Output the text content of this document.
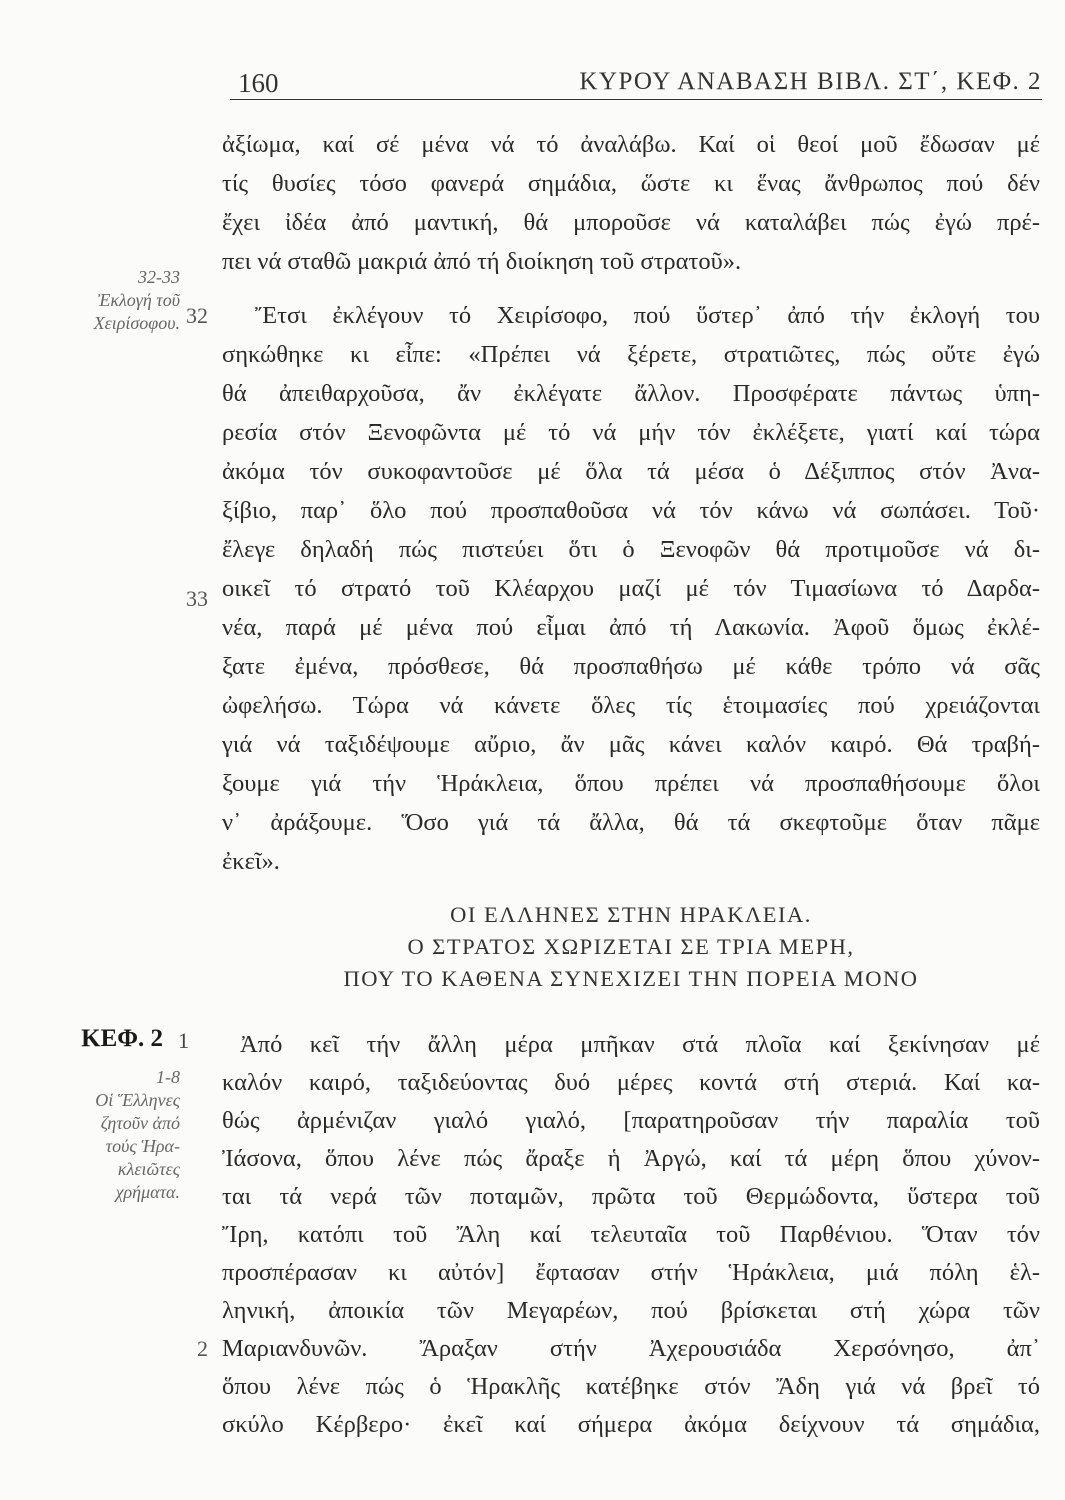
160	ΚΥΡΟΥ ΑΝΑΒΑΣΗ ΒΙΒΛ. ΣΤ΄, ΚΕΦ. 2
ἀξίωμα, καί σέ μένα νά τό ἀναλάβω. Καί οἱ θεοί μοῦ ἔδωσαν μέ
τίς θυσίες τόσο φανερά σημάδια, ὥστε κι ἕνας ἄνθρωπος πού δέν
ἔχει ἰδέα ἀπό μαντική, θά μποροῦσε νά καταλάβει πώς ἐγώ πρέ-
πει νά σταθῶ μακριά ἀπό τή διοίκηση τοῦ στρατοῦ».
32-33
Ἐκλογή τοῦ
Χειρίσοφου. 32 Ἔτσι ἐκλέγουν τό Χειρίσοφο, πού ὕστερ᾽ ἀπό τήν ἐκλογή του
σηκώθηκε κι εἶπε: «Πρέπει νά ξέρετε, στρατιῶτες, πώς οὔτε ἐγώ
θά ἀπειθαρχοῦσα, ἄν ἐκλέγατε ἄλλον. Προσφέρατε πάντως ὑπη-
ρεσία στόν Ξενοφῶντα μέ τό νά μήν τόν ἐκλέξετε, γιατί καί τώρα
ἀκόμα τόν συκοφαντοῦσε μέ ὅλα τά μέσα ὁ Δέξιππος στόν Ἀνα-
ξίβιο, παρ᾽ ὅλο πού προσπαθοῦσα νά τόν κάνω νά σωπάσει. Τοῦ·
ἔλεγε δηλαδή πώς πιστεύει ὅτι ὁ Ξενοφῶν θά προτιμοῦσε νά δι-
οικεῖ τό στρατό τοῦ Κλέαρχου μαζί μέ τόν Τιμασίωνα τό Δαρδα-
33
νέα, παρά μέ μένα πού εἶμαι ἀπό τή Λακωνία. Ἀφοῦ ὅμως ἐκλέ-
ξατε ἐμένα, πρόσθεσε, θά προσπαθήσω μέ κάθε τρόπο νά σᾶς
ὠφελήσω. Τώρα νά κάνετε ὅλες τίς ἑτοιμασίες πού χρειάζονται
γιά νά ταξιδέψουμε αὔριο, ἄν μᾶς κάνει καλόν καιρό. Θά τραβή-
ξουμε γιά τήν Ἡράκλεια, ὅπου πρέπει νά προσπαθήσουμε ὅλοι
ν᾽ ἀράξουμε. Ὅσο γιά τά ἄλλα, θά τά σκεφτοῦμε ὅταν πᾶμε
ἐκεῖ».
ΟΙ ΕΛΛΗΝΕΣ ΣΤΗΝ ΗΡΑΚΛΕΙΑ.
Ο ΣΤΡΑΤΟΣ ΧΩΡΙΖΕΤΑΙ ΣΕ ΤΡΙΑ ΜΕΡΗ,
ΠΟΥ ΤΟ ΚΑΘΕΝΑ ΣΥΝΕΧΙΖΕΙ ΤΗΝ ΠΟΡΕΙΑ ΜΟΝΟ
ΚΕΦ. 2 1
1-8
Οἱ Ἕλληνες
ζητοῦν ἀπό
τούς Ἡρα-
κλειῶτες
χρήματα.
Ἀπό κεῖ τήν ἄλλη μέρα μπῆκαν στά πλοῖα καί ξεκίνησαν μέ
καλόν καιρό, ταξιδεύοντας δυό μέρες κοντά στή στεριά. Καί κα-
θώς ἀρμένιζαν γιαλό γιαλό, [παρατηροῦσαν τήν παραλία τοῦ
Ἰάσονα, ὅπου λένε πώς ἄραξε ἡ Ἀργώ, καί τά μέρη ὅπου χύνον-
ται τά νερά τῶν ποταμῶν, πρῶτα τοῦ Θερμώδοντα, ὕστερα τοῦ
Ἴρη, κατόπι τοῦ Ἄλη καί τελευταῖα τοῦ Παρθένιου. Ὅταν τόν
προσπέρασαν κι αὐτόν] ἔφτασαν στήν Ἡράκλεια, μιά πόλη ἑλ-
ληνική, ἀποικία τῶν Μεγαρέων, πού βρίσκεται στή χώρα τῶν
2 Μαριανδυνῶν. Ἄραξαν στήν Ἀχερουσιάδα Χερσόνησο, ἀπ᾽
ὅπου λένε πώς ὁ Ἡρακλῆς κατέβηκε στόν Ἄδη γιά νά βρεῖ τό
σκύλο Κέρβερο· ἐκεῖ καί σήμερα ἀκόμα δείχνουν τά σημάδια,
